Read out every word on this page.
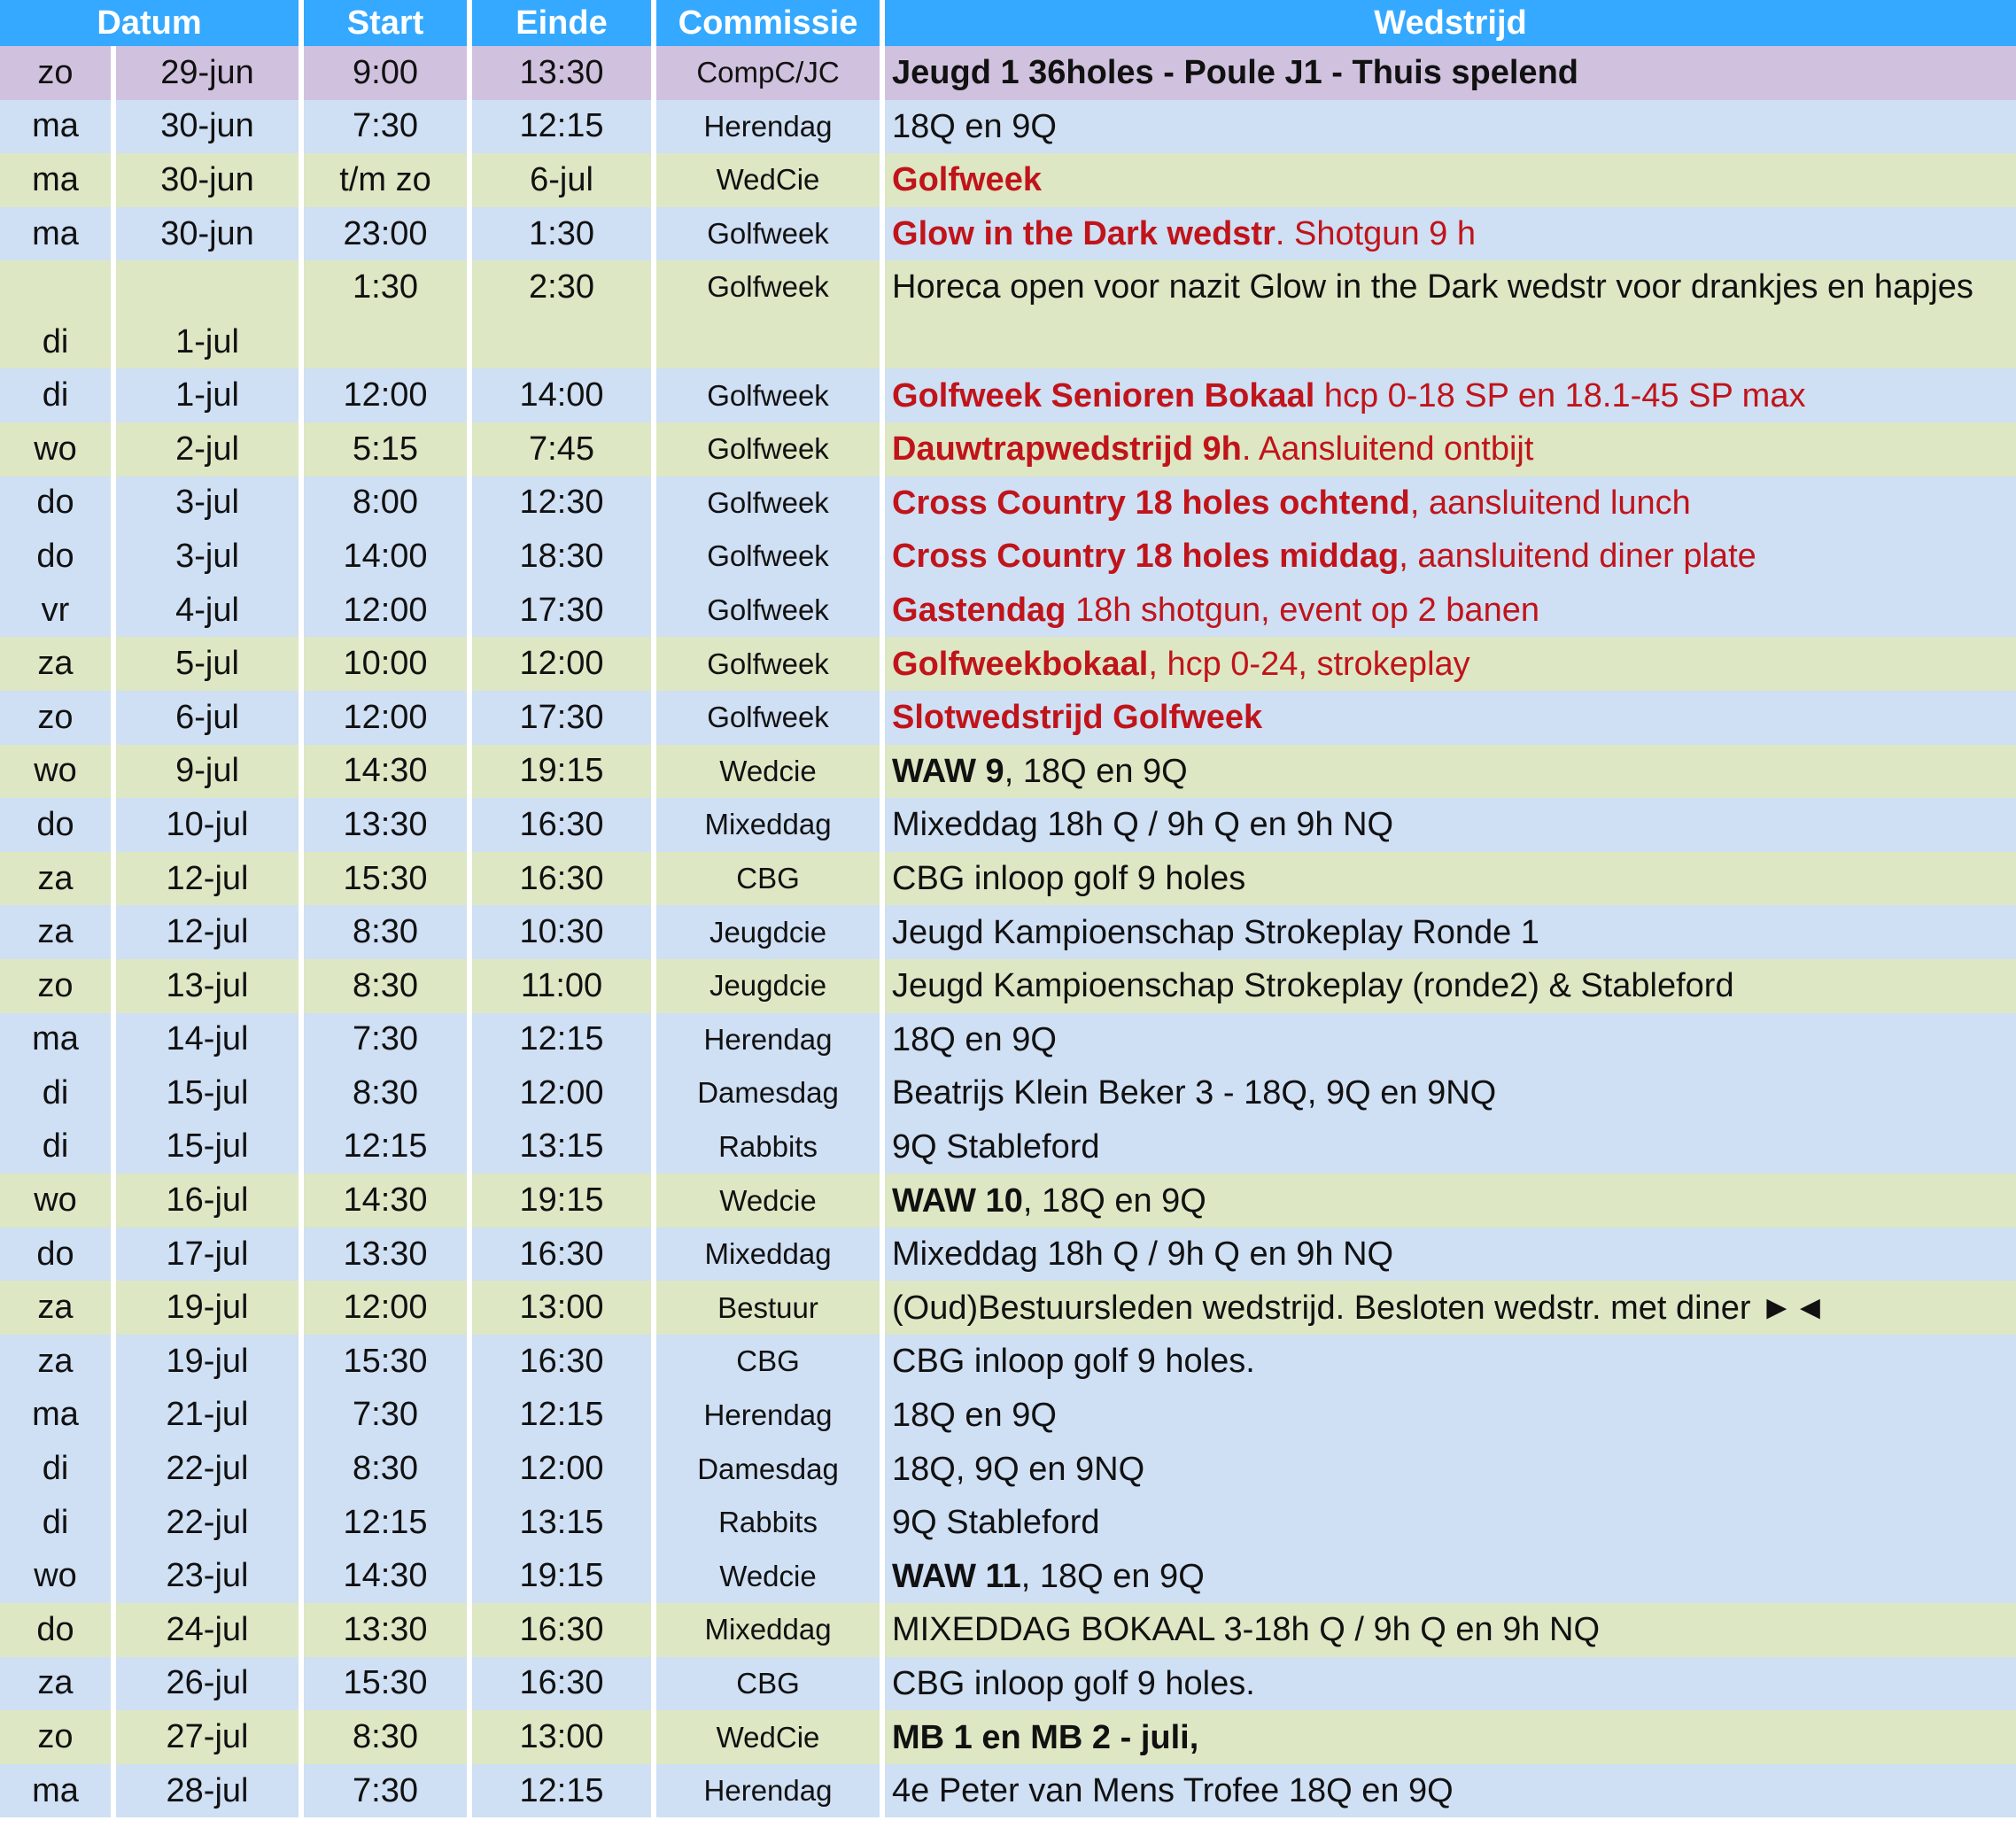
Datum		Start	Einde	Commissie	Wedstrijd
zo	29-jun	9:00	13:30	CompC/JC	Jeugd 1 36holes - Poule J1 - Thuis spelend
ma	30-jun	7:30	12:15	Herendag	18Q en 9Q
ma	30-jun	t/m zo	6-jul	WedCie	Golfweek
ma	30-jun	23:00	1:30	Golfweek	Glow in the Dark wedstr. Shotgun 9 h
di	1-jul	1:30	2:30	Golfweek	Horeca open voor nazit Glow in the Dark wedstr voor drankjes en hapjes
di	1-jul	12:00	14:00	Golfweek	Golfweek Senioren Bokaal hcp 0-18 SP en 18.1-45 SP max
wo	2-jul	5:15	7:45	Golfweek	Dauwtrapwedstrijd 9h. Aansluitend ontbijt
do	3-jul	8:00	12:30	Golfweek	Cross Country 18 holes ochtend, aansluitend lunch
do	3-jul	14:00	18:30	Golfweek	Cross Country 18 holes middag, aansluitend diner plate
vr	4-jul	12:00	17:30	Golfweek	Gastendag 18h shotgun, event op 2 banen
za	5-jul	10:00	12:00	Golfweek	Golfweekbokaal, hcp 0-24, strokeplay
zo	6-jul	12:00	17:30	Golfweek	Slotwedstrijd Golfweek
wo	9-jul	14:30	19:15	Wedcie	WAW 9, 18Q en 9Q
do	10-jul	13:30	16:30	Mixeddag	Mixeddag 18h Q / 9h Q en 9h NQ
za	12-jul	15:30	16:30	CBG	CBG inloop golf 9 holes
za	12-jul	8:30	10:30	Jeugdcie	Jeugd Kampioenschap Strokeplay Ronde 1
zo	13-jul	8:30	11:00	Jeugdcie	Jeugd Kampioenschap Strokeplay (ronde2) & Stableford
ma	14-jul	7:30	12:15	Herendag	18Q en 9Q
di	15-jul	8:30	12:00	Damesdag	Beatrijs Klein Beker 3 - 18Q, 9Q en 9NQ
di	15-jul	12:15	13:15	Rabbits	9Q Stableford
wo	16-jul	14:30	19:15	Wedcie	WAW 10, 18Q en 9Q
do	17-jul	13:30	16:30	Mixeddag	Mixeddag 18h Q / 9h Q en 9h NQ
za	19-jul	12:00	13:00	Bestuur	(Oud)Bestuursleden wedstrijd. Besloten wedstr. met diner ►◄
za	19-jul	15:30	16:30	CBG	CBG inloop golf 9 holes.
ma	21-jul	7:30	12:15	Herendag	18Q en 9Q
di	22-jul	8:30	12:00	Damesdag	18Q, 9Q en 9NQ
di	22-jul	12:15	13:15	Rabbits	9Q Stableford
wo	23-jul	14:30	19:15	Wedcie	WAW 11, 18Q en 9Q
do	24-jul	13:30	16:30	Mixeddag	MIXEDDAG BOKAAL 3-18h Q / 9h Q en 9h NQ
za	26-jul	15:30	16:30	CBG	CBG inloop golf 9 holes.
zo	27-jul	8:30	13:00	WedCie	MB 1 en MB 2 - juli,
ma	28-jul	7:30	12:15	Herendag	4e Peter van Mens Trofee 18Q en 9Q
